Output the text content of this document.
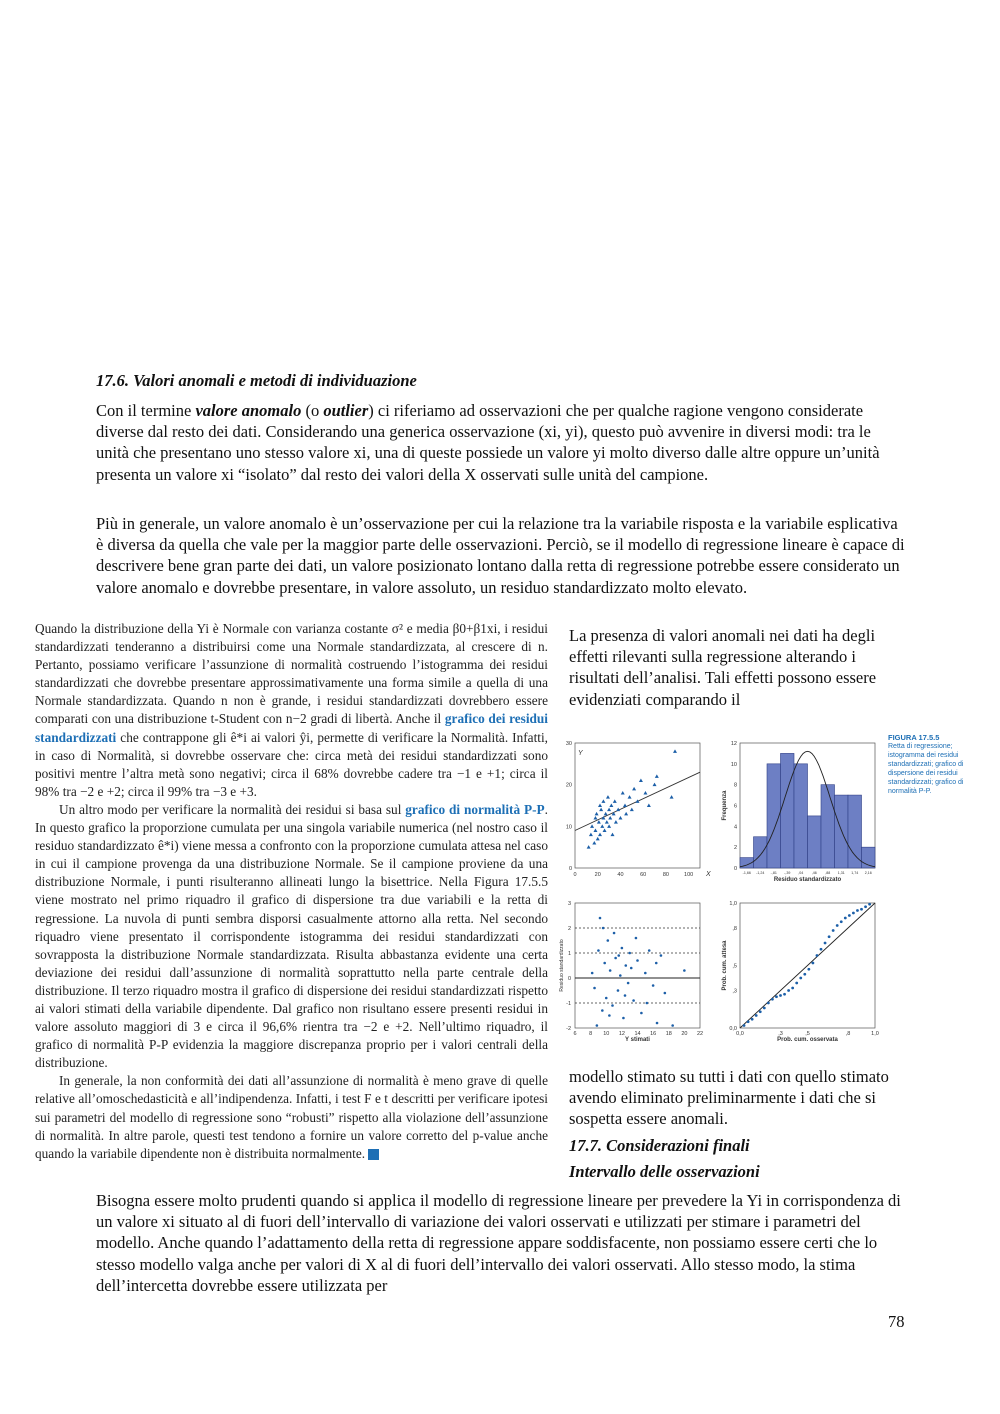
17.6. Valori anomali e metodi di individuazione

Con il termine valore anomalo (o outlier) ci riferiamo ad osservazioni che per qualche ragione vengono considerate diverse dal resto dei dati. Considerando una generica osservazione (xi, yi), questo può avvenire in diversi modi: tra le unità che presentano uno stesso valore xi, una di queste possiede un valore yi molto diverso dalle altre oppure un’unità presenta un valore xi “isolato” dal resto dei valori della X osservati sulle unità del campione.

Più in generale, un valore anomalo è un’osservazione per cui la relazione tra la variabile risposta e la variabile esplicativa è diversa da quella che vale per la maggior parte delle osservazioni. Perciò, se il modello di regressione lineare è capace di descrivere bene gran parte dei dati, un valore posizionato lontano dalla retta di regressione potrebbe essere considerato un valore anomalo e dovrebbe presentare, in valore assoluto, un residuo standardizzato molto elevato.

Quando la distribuzione della Yi è Normale con varianza costante σ² e media β0+β1xi, i residui standardizzati tenderanno a distribuirsi come una Normale standardizzata, al crescere di n. Pertanto, possiamo verificare l’assunzione di normalità costruendo l’istogramma dei residui standardizzati che dovrebbe presentare approssimativamente una forma simile a quella di una Normale standardizzata. Quando n non è grande, i residui standardizzati dovrebbero essere comparati con una distribuzione t-Student con n−2 gradi di libertà. Anche il grafico dei residui standardizzati che contrappone gli ê*i ai valori ŷi, permette di verificare la Normalità. Infatti, in caso di Normalità, si dovrebbe osservare che: circa metà dei residui standardizzati sono positivi mentre l’altra metà sono negativi; circa il 68% dovrebbe cadere tra −1 e +1; circa il 98% tra −2 e +2; circa il 99% tra −3 e +3.

Un altro modo per verificare la normalità dei residui si basa sul grafico di normalità P-P. In questo grafico la proporzione cumulata per una singola variabile numerica (nel nostro caso il residuo standardizzato ê*i) viene messa a confronto con la proporzione cumulata attesa nel caso in cui il campione provenga da una distribuzione Normale. Se il campione proviene da una distribuzione Normale, i punti risulteranno allineati lungo la bisettrice. Nella Figura 17.5.5 viene mostrato nel primo riquadro il grafico di dispersione tra due variabili e la retta di regressione. La nuvola di punti sembra disporsi casualmente attorno alla retta. Nel secondo riquadro viene presentato il corrispondente istogramma dei residui standardizzati con sovrapposta la distribuzione Normale standardizzata. Risulta abbastanza evidente una certa deviazione dei residui dall’assunzione di normalità soprattutto nella parte centrale della distribuzione. Il terzo riquadro mostra il grafico di dispersione dei residui standardizzati rispetto ai valori stimati della variabile dipendente. Dal grafico non risultano essere presenti residui in valore assoluto maggiori di 3 e circa il 96,6% rientra tra −2 e +2. Nell’ultimo riquadro, il grafico di normalità P-P evidenzia la maggiore discrepanza proprio per i valori centrali della distribuzione.

In generale, la non conformità dei dati all’assunzione di normalità è meno grave di quelle relative all’omoschedasticità e all’indipendenza. Infatti, i test F e t descritti per verificare ipotesi sui parametri del modello di regressione sono “robusti” rispetto alla violazione dell’assunzione di normalità. In altre parole, questi test tendono a fornire un valore corretto del p-value anche quando la variabile dipendente non è distribuita normalmente.	N

La presenza di valori anomali nei dati ha degli effetti rilevanti sulla regressione alterando i risultati dell’analisi. Tali effetti possono essere evidenziati comparando il

FIGURA 17.5.5
Retta di regressione; istogramma dei residui standardizzati; grafico di dispersione dei residui standardizzati; grafico di normalità P-P.
0	20	40	60	80	100
0
10
20
30
X
Y
0
2
4
6
8
10
12
-1,66 -1,24 -,81 -,39 ,04 ,46 ,88 1,31 1,74 2,16
Residuo standardizzato
Frequenza
6 8 10 12 14 16 18 20 22
-2
-1
0
1
2
3
Y stimati
Residuo standardizzato
0,0	,3	,5	,8	1,0
0,0
,3
,5
,8
1,0
Prob. cum. osservata
Prob. cum. attesa

modello stimato su tutti i dati con quello stimato avendo eliminato preliminarmente i dati che si sospetta essere anomali.

17.7. Considerazioni finali
Intervallo delle osservazioni

Bisogna essere molto prudenti quando si applica il modello di regressione lineare per prevedere la Yi in corrispondenza di un valore xi situato al di fuori dell’intervallo di variazione dei valori osservati e utilizzati per stimare i parametri del modello. Anche quando l’adattamento della retta di regressione appare soddisfacente, non possiamo essere certi che lo stesso modello valga anche per valori di X al di fuori dell’intervallo dei valori osservati. Allo stesso modo, la stima dell’intercetta dovrebbe essere utilizzata per

78
